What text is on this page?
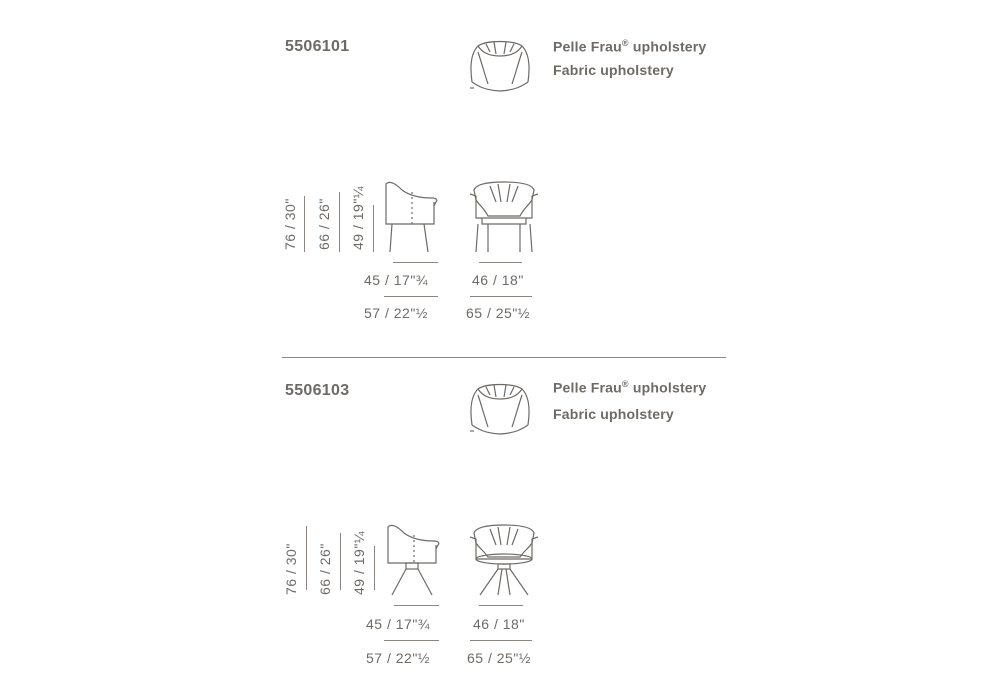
5506101	Pelle Frau® upholstery
Fabric upholstery
76 / 30" 66 / 26" 49 / 19"¼
45 / 17"¾
57 / 22"½
46 / 18"
65 / 25"½
5506103	Pelle Frau® upholstery
Fabric upholstery
76 / 30" 66 / 26" 49 / 19"¼
45 / 17"¾
57 / 22"½
46 / 18"
65 / 25"½
